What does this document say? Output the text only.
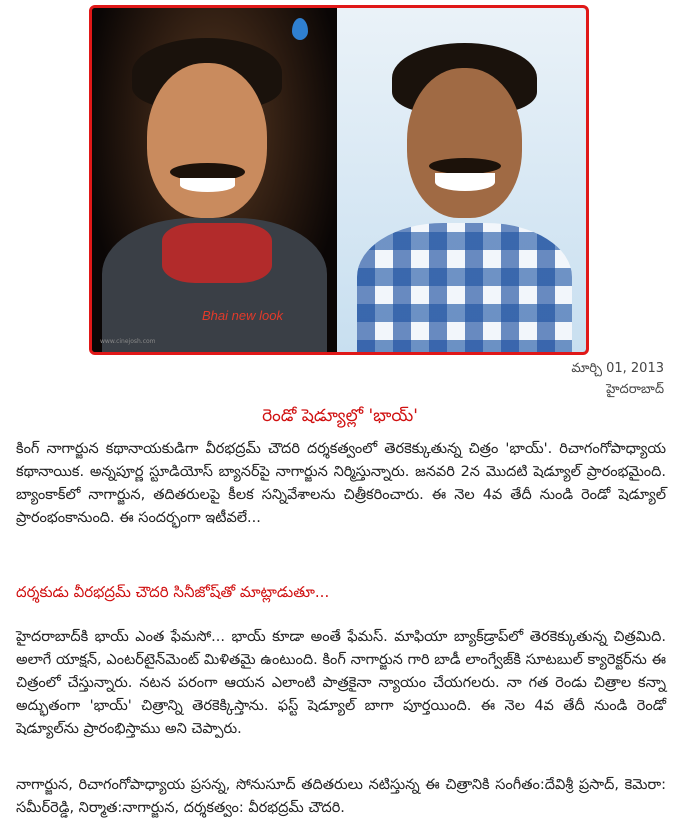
Bhai new look
www.cinejosh.com
మార్చి 01, 2013
హైదరాబాద్
రెండో షెడ్యూల్లో 'భాయ్'

కింగ్ నాగార్జున కథానాయకుడిగా వీరభద్రమ్ చౌదరి దర్శకత్వంలో తెరకెక్కుతున్న చిత్రం 'భాయ్'. రిచాగంగోపాధ్యాయ కథానాయిక. అన్నపూర్ణ స్టూడియోస్ బ్యానర్‌పై నాగార్జున నిర్మిస్తున్నారు. జనవరి 2న మొదటి షెడ్యూల్ ప్రారంభమైంది. బ్యాంకాక్‌లో నాగార్జున, తదితరులపై కీలక సన్నివేశాలను చిత్రీకరించారు. ఈ నెల 4వ తేదీ నుండి రెండో షెడ్యూల్ ప్రారంభంకానుంది. ఈ సందర్భంగా ఇటీవలే...

దర్శకుడు వీరభద్రమ్ చౌదరి సినీజోష్‌తో మాట్లాడుతూ...

హైదరాబాద్‌కి భాయ్ ఎంత ఫేమసో... భాయ్ కూడా అంతే ఫేమస్. మాఫియా బ్యాక్‌డ్రాప్‌లో తెరకెక్కుతున్న చిత్రమిది. అలాగే యాక్షన్, ఎంటర్‌టైన్‌మెంట్ మిళితమై ఉంటుంది. కింగ్ నాగార్జున గారి బాడీ లాంగ్వేజ్‌కి సూటబుల్ క్యారెక్టర్‌ను ఈ చిత్రంలో చేస్తున్నారు. నటన పరంగా ఆయన ఎలాంటి పాత్రకైనా న్యాయం చేయగలరు. నా గత రెండు చిత్రాల కన్నా అద్భుతంగా 'భాయ్' చిత్రాన్ని తెరకెక్కిస్తాను. ఫస్ట్ షెడ్యూల్ బాగా పూర్తయింది. ఈ నెల 4వ తేదీ నుండి రెండో షెడ్యూల్‌ను ప్రారంభిస్తాము అని చెప్పారు.

నాగార్జున, రిచాగంగోపాధ్యాయ ప్రసన్న, సోనుసూద్ తదితరులు నటిస్తున్న ఈ చిత్రానికి సంగీతం:దేవిశ్రీ ప్రసాద్, కెమెరా: సమీర్‌రెడ్డి, నిర్మాత:నాగార్జున, దర్శకత్వం: వీరభద్రమ్ చౌదరి.
